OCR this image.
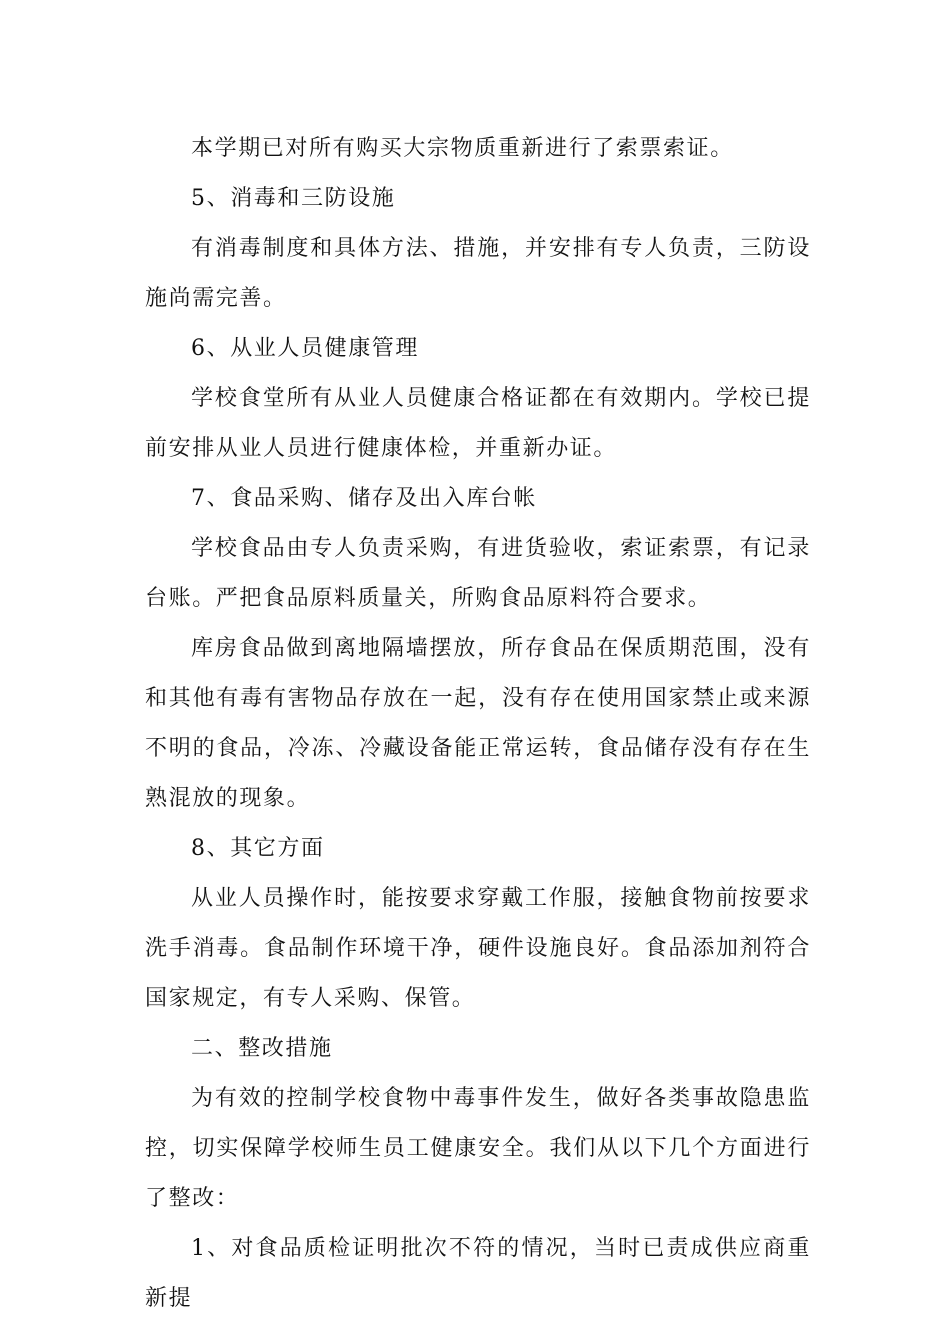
本学期已对所有购买大宗物质重新进行了索票索证。

5、消毒和三防设施

有消毒制度和具体方法、措施，并安排有专人负责，三防设施尚需完善。

6、从业人员健康管理

学校食堂所有从业人员健康合格证都在有效期内。学校已提前安排从业人员进行健康体检，并重新办证。

7、食品采购、储存及出入库台帐

学校食品由专人负责采购，有进货验收，索证索票，有记录台账。严把食品原料质量关，所购食品原料符合要求。

库房食品做到离地隔墙摆放，所存食品在保质期范围，没有和其他有毒有害物品存放在一起，没有存在使用国家禁止或来源不明的食品，冷冻、冷藏设备能正常运转，食品储存没有存在生熟混放的现象。

8、其它方面

从业人员操作时，能按要求穿戴工作服，接触食物前按要求洗手消毒。食品制作环境干净，硬件设施良好。食品添加剂符合国家规定，有专人采购、保管。

二、整改措施

为有效的控制学校食物中毒事件发生，做好各类事故隐患监控，切实保障学校师生员工健康安全。我们从以下几个方面进行了整改：

1、对食品质检证明批次不符的情况，当时已责成供应商重新提
